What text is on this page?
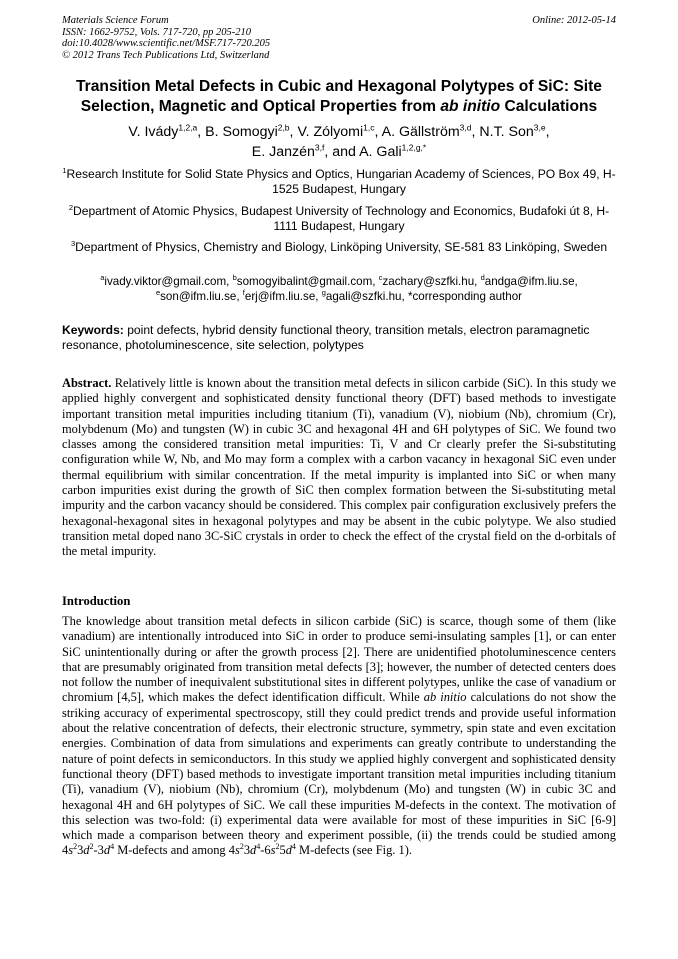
Materials Science Forum	Online: 2012-05-14
ISSN: 1662-9752, Vols. 717-720, pp 205-210
doi:10.4028/www.scientific.net/MSF.717-720.205
© 2012 Trans Tech Publications Ltd, Switzerland
Transition Metal Defects in Cubic and Hexagonal Polytypes of SiC: Site Selection, Magnetic and Optical Properties from ab initio Calculations
V. Ivády$^{1,2,a}$, B. Somogyi$^{2,b}$, V. Zólyomi$^{1,c}$, A. Gällström$^{3,d}$, N.T. Son$^{3,e}$,
E. Janzén$^{3,f}$, and A. Gali$^{1,2,g,*}$
$^1$Research Institute for Solid State Physics and Optics, Hungarian Academy of Sciences, PO Box 49, H-1525 Budapest, Hungary
$^2$Department of Atomic Physics, Budapest University of Technology and Economics, Budafoki út 8, H-1111 Budapest, Hungary
$^3$Department of Physics, Chemistry and Biology, Linköping University, SE-581 83 Linköping, Sweden
$^a$ivady.viktor@gmail.com, $^b$somogyibalint@gmail.com, $^c$zachary@szfki.hu, $^d$andga@ifm.liu.se,
$^e$son@ifm.liu.se, $^f$erj@ifm.liu.se, $^g$agali@szfki.hu, *corresponding author
Keywords: point defects, hybrid density functional theory, transition metals, electron paramagnetic resonance, photoluminescence, site selection, polytypes
Abstract. Relatively little is known about the transition metal defects in silicon carbide (SiC). In this study we applied highly convergent and sophisticated density functional theory (DFT) based methods to investigate important transition metal impurities including titanium (Ti), vanadium (V), niobium (Nb), chromium (Cr), molybdenum (Mo) and tungsten (W) in cubic 3C and hexagonal 4H and 6H polytypes of SiC. We found two classes among the considered transition metal impurities: Ti, V and Cr clearly prefer the Si-substituting configuration while W, Nb, and Mo may form a complex with a carbon vacancy in hexagonal SiC even under thermal equilibrium with similar concentration. If the metal impurity is implanted into SiC or when many carbon impurities exist during the growth of SiC then complex formation between the Si-substituting metal impurity and the carbon vacancy should be considered. This complex pair configuration exclusively prefers the hexagonal-hexagonal sites in hexagonal polytypes and may be absent in the cubic polytype. We also studied transition metal doped nano 3C-SiC crystals in order to check the effect of the crystal field on the d-orbitals of the metal impurity.
Introduction
The knowledge about transition metal defects in silicon carbide (SiC) is scarce, though some of them (like vanadium) are intentionally introduced into SiC in order to produce semi-insulating samples [1], or can enter SiC unintentionally during or after the growth process [2]. There are unidentified photoluminescence centers that are presumably originated from transition metal defects [3]; however, the number of detected centers does not follow the number of inequivalent substitutional sites in different polytypes, unlike the case of vanadium or chromium [4,5], which makes the defect identification difficult. While ab initio calculations do not show the striking accuracy of experimental spectroscopy, still they could predict trends and provide useful information about the relative concentration of defects, their electronic structure, symmetry, spin state and even excitation energies. Combination of data from simulations and experiments can greatly contribute to understanding the nature of point defects in semiconductors. In this study we applied highly convergent and sophisticated density functional theory (DFT) based methods to investigate important transition metal impurities including titanium (Ti), vanadium (V), niobium (Nb), chromium (Cr), molybdenum (Mo) and tungsten (W) in cubic 3C and hexagonal 4H and 6H polytypes of SiC. We call these impurities M-defects in the context. The motivation of this selection was two-fold: (i) experimental data were available for most of these impurities in SiC [6-9] which made a comparison between theory and experiment possible, (ii) the trends could be studied among $4s^23d^2-3d^4$ M-defects and among $4s^23d^4-6s^25d^4$ M-defects (see Fig. 1).
